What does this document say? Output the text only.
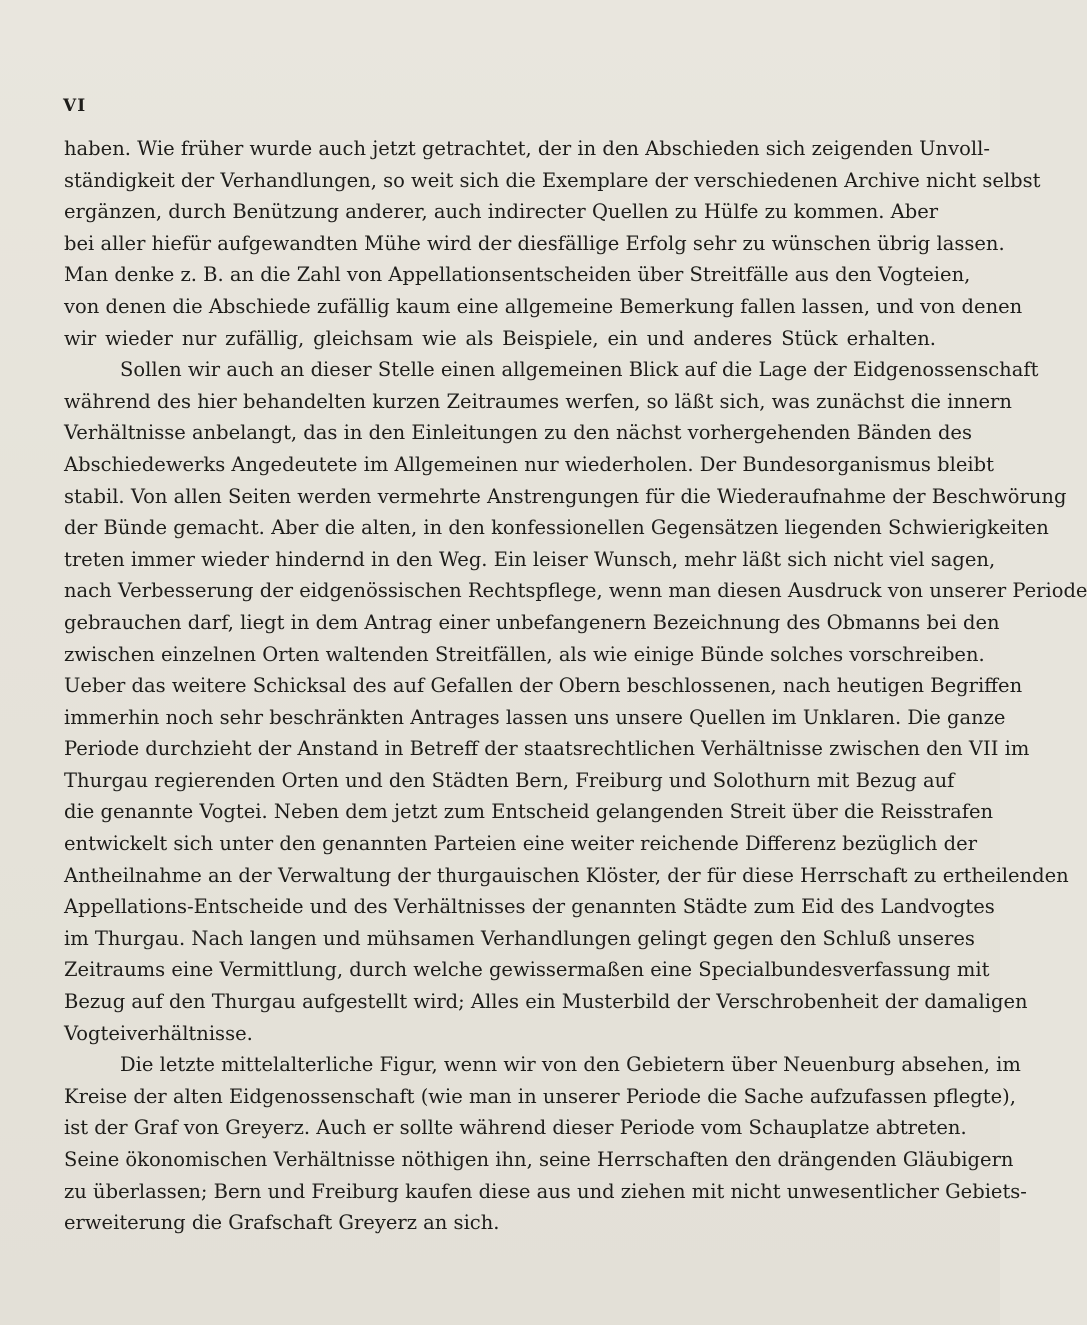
VI
haben. Wie früher wurde auch jetzt getrachtet, der in den Abschieden sich zeigenden Unvoll-
ständigkeit der Verhandlungen, so weit sich die Exemplare der verschiedenen Archive nicht selbst
ergänzen, durch Benützung anderer, auch indirecter Quellen zu Hülfe zu kommen. Aber
bei aller hiefür aufgewandten Mühe wird der diesfällige Erfolg sehr zu wünschen übrig lassen.
Man denke z. B. an die Zahl von Appellationsentscheiden über Streitfälle aus den Vogteien,
von denen die Abschiede zufällig kaum eine allgemeine Bemerkung fallen lassen, und von denen
wir wieder nur zufällig, gleichsam wie als Beispiele, ein und anderes Stück erhalten.
Sollen wir auch an dieser Stelle einen allgemeinen Blick auf die Lage der Eidgenossenschaft
während des hier behandelten kurzen Zeitraumes werfen, so läßt sich, was zunächst die innern
Verhältnisse anbelangt, das in den Einleitungen zu den nächst vorhergehenden Bänden des
Abschiedewerks Angedeutete im Allgemeinen nur wiederholen. Der Bundesorganismus bleibt
stabil. Von allen Seiten werden vermehrte Anstrengungen für die Wiederaufnahme der Beschwörung
der Bünde gemacht. Aber die alten, in den konfessionellen Gegensätzen liegenden Schwierigkeiten
treten immer wieder hindernd in den Weg. Ein leiser Wunsch, mehr läßt sich nicht viel sagen,
nach Verbesserung der eidgenössischen Rechtspflege, wenn man diesen Ausdruck von unserer Periode
gebrauchen darf, liegt in dem Antrag einer unbefangenern Bezeichnung des Obmanns bei den
zwischen einzelnen Orten waltenden Streitfällen, als wie einige Bünde solches vorschreiben.
Ueber das weitere Schicksal des auf Gefallen der Obern beschlossenen, nach heutigen Begriffen
immerhin noch sehr beschränkten Antrages lassen uns unsere Quellen im Unklaren. Die ganze
Periode durchzieht der Anstand in Betreff der staatsrechtlichen Verhältnisse zwischen den VII im
Thurgau regierenden Orten und den Städten Bern, Freiburg und Solothurn mit Bezug auf
die genannte Vogtei. Neben dem jetzt zum Entscheid gelangenden Streit über die Reisstrafen
entwickelt sich unter den genannten Parteien eine weiter reichende Differenz bezüglich der
Antheilnahme an der Verwaltung der thurgauischen Klöster, der für diese Herrschaft zu ertheilenden
Appellations-Entscheide und des Verhältnisses der genannten Städte zum Eid des Landvogtes
im Thurgau. Nach langen und mühsamen Verhandlungen gelingt gegen den Schluß unseres
Zeitraums eine Vermittlung, durch welche gewissermaßen eine Specialbundesverfassung mit
Bezug auf den Thurgau aufgestellt wird; Alles ein Musterbild der Verschrobenheit der damaligen
Vogteiverhältnisse.
Die letzte mittelalterliche Figur, wenn wir von den Gebietern über Neuenburg absehen, im
Kreise der alten Eidgenossenschaft (wie man in unserer Periode die Sache aufzufassen pflegte),
ist der Graf von Greyerz. Auch er sollte während dieser Periode vom Schauplatze abtreten.
Seine ökonomischen Verhältnisse nöthigen ihn, seine Herrschaften den drängenden Gläubigern
zu überlassen; Bern und Freiburg kaufen diese aus und ziehen mit nicht unwesentlicher Gebiets-
erweiterung die Grafschaft Greyerz an sich.
